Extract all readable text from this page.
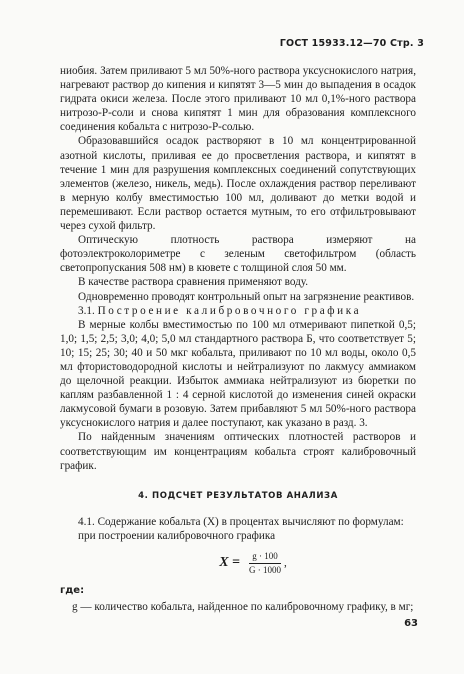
ГОСТ 15933.12—70 Стр. 3

ниобия. Затем приливают 5 мл 50%-ного раствора уксуснокислого натрия, нагревают раствор до кипения и кипятят 3—5 мин до выпадения в осадок гидрата окиси железа. После этого приливают 10 мл 0,1%-ного раствора нитрозо-Р-соли и снова кипятят 1 мин для образования комплексного соединения кобальта с нитрозо-Р-солью.

Образовавшийся осадок растворяют в 10 мл концентрированной азотной кислоты, приливая ее до просветления раствора, и кипятят в течение 1 мин для разрушения комплексных соединений сопутствующих элементов (железо, никель, медь). После охлаждения раствор переливают в мерную колбу вместимостью 100 мл, доливают до метки водой и перемешивают. Если раствор остается мутным, то его отфильтровывают через сухой фильтр.

Оптическую плотность раствора измеряют на фотоэлектроколориметре с зеленым светофильтром (область светопропускания 508 нм) в кювете с толщиной слоя 50 мм.

В качестве раствора сравнения применяют воду.

Одновременно проводят контрольный опыт на загрязнение реактивов.

3.1. Построение калибровочного графика

В мерные колбы вместимостью по 100 мл отмеривают пипеткой 0,5; 1,0; 1,5; 2,5; 3,0; 4,0; 5,0 мл стандартного раствора Б, что соответствует 5; 10; 15; 25; 30; 40 и 50 мкг кобальта, приливают по 10 мл воды, около 0,5 мл фтористоводородной кислоты и нейтрализуют по лакмусу аммиаком до щелочной реакции. Избыток аммиака нейтрализуют из бюретки по каплям разбавленной 1 : 4 серной кислотой до изменения синей окраски лакмусовой бумаги в розовую. Затем прибавляют 5 мл 50%-ного раствора уксуснокислого натрия и далее поступают, как указано в разд. 3.

По найденным значениям оптических плотностей растворов и соответствующим им концентрациям кобальта строят калибровочный график.

4. ПОДСЧЕТ РЕЗУЛЬТАТОВ АНАЛИЗА

4.1. Содержание кобальта (X) в процентах вычисляют по формулам:

при построении калибровочного графика

$X = \frac{g \cdot 100}{G \cdot 1000}$ ,
где:

g — количество кобальта, найденное по калибровочному графику, в мг;

63
